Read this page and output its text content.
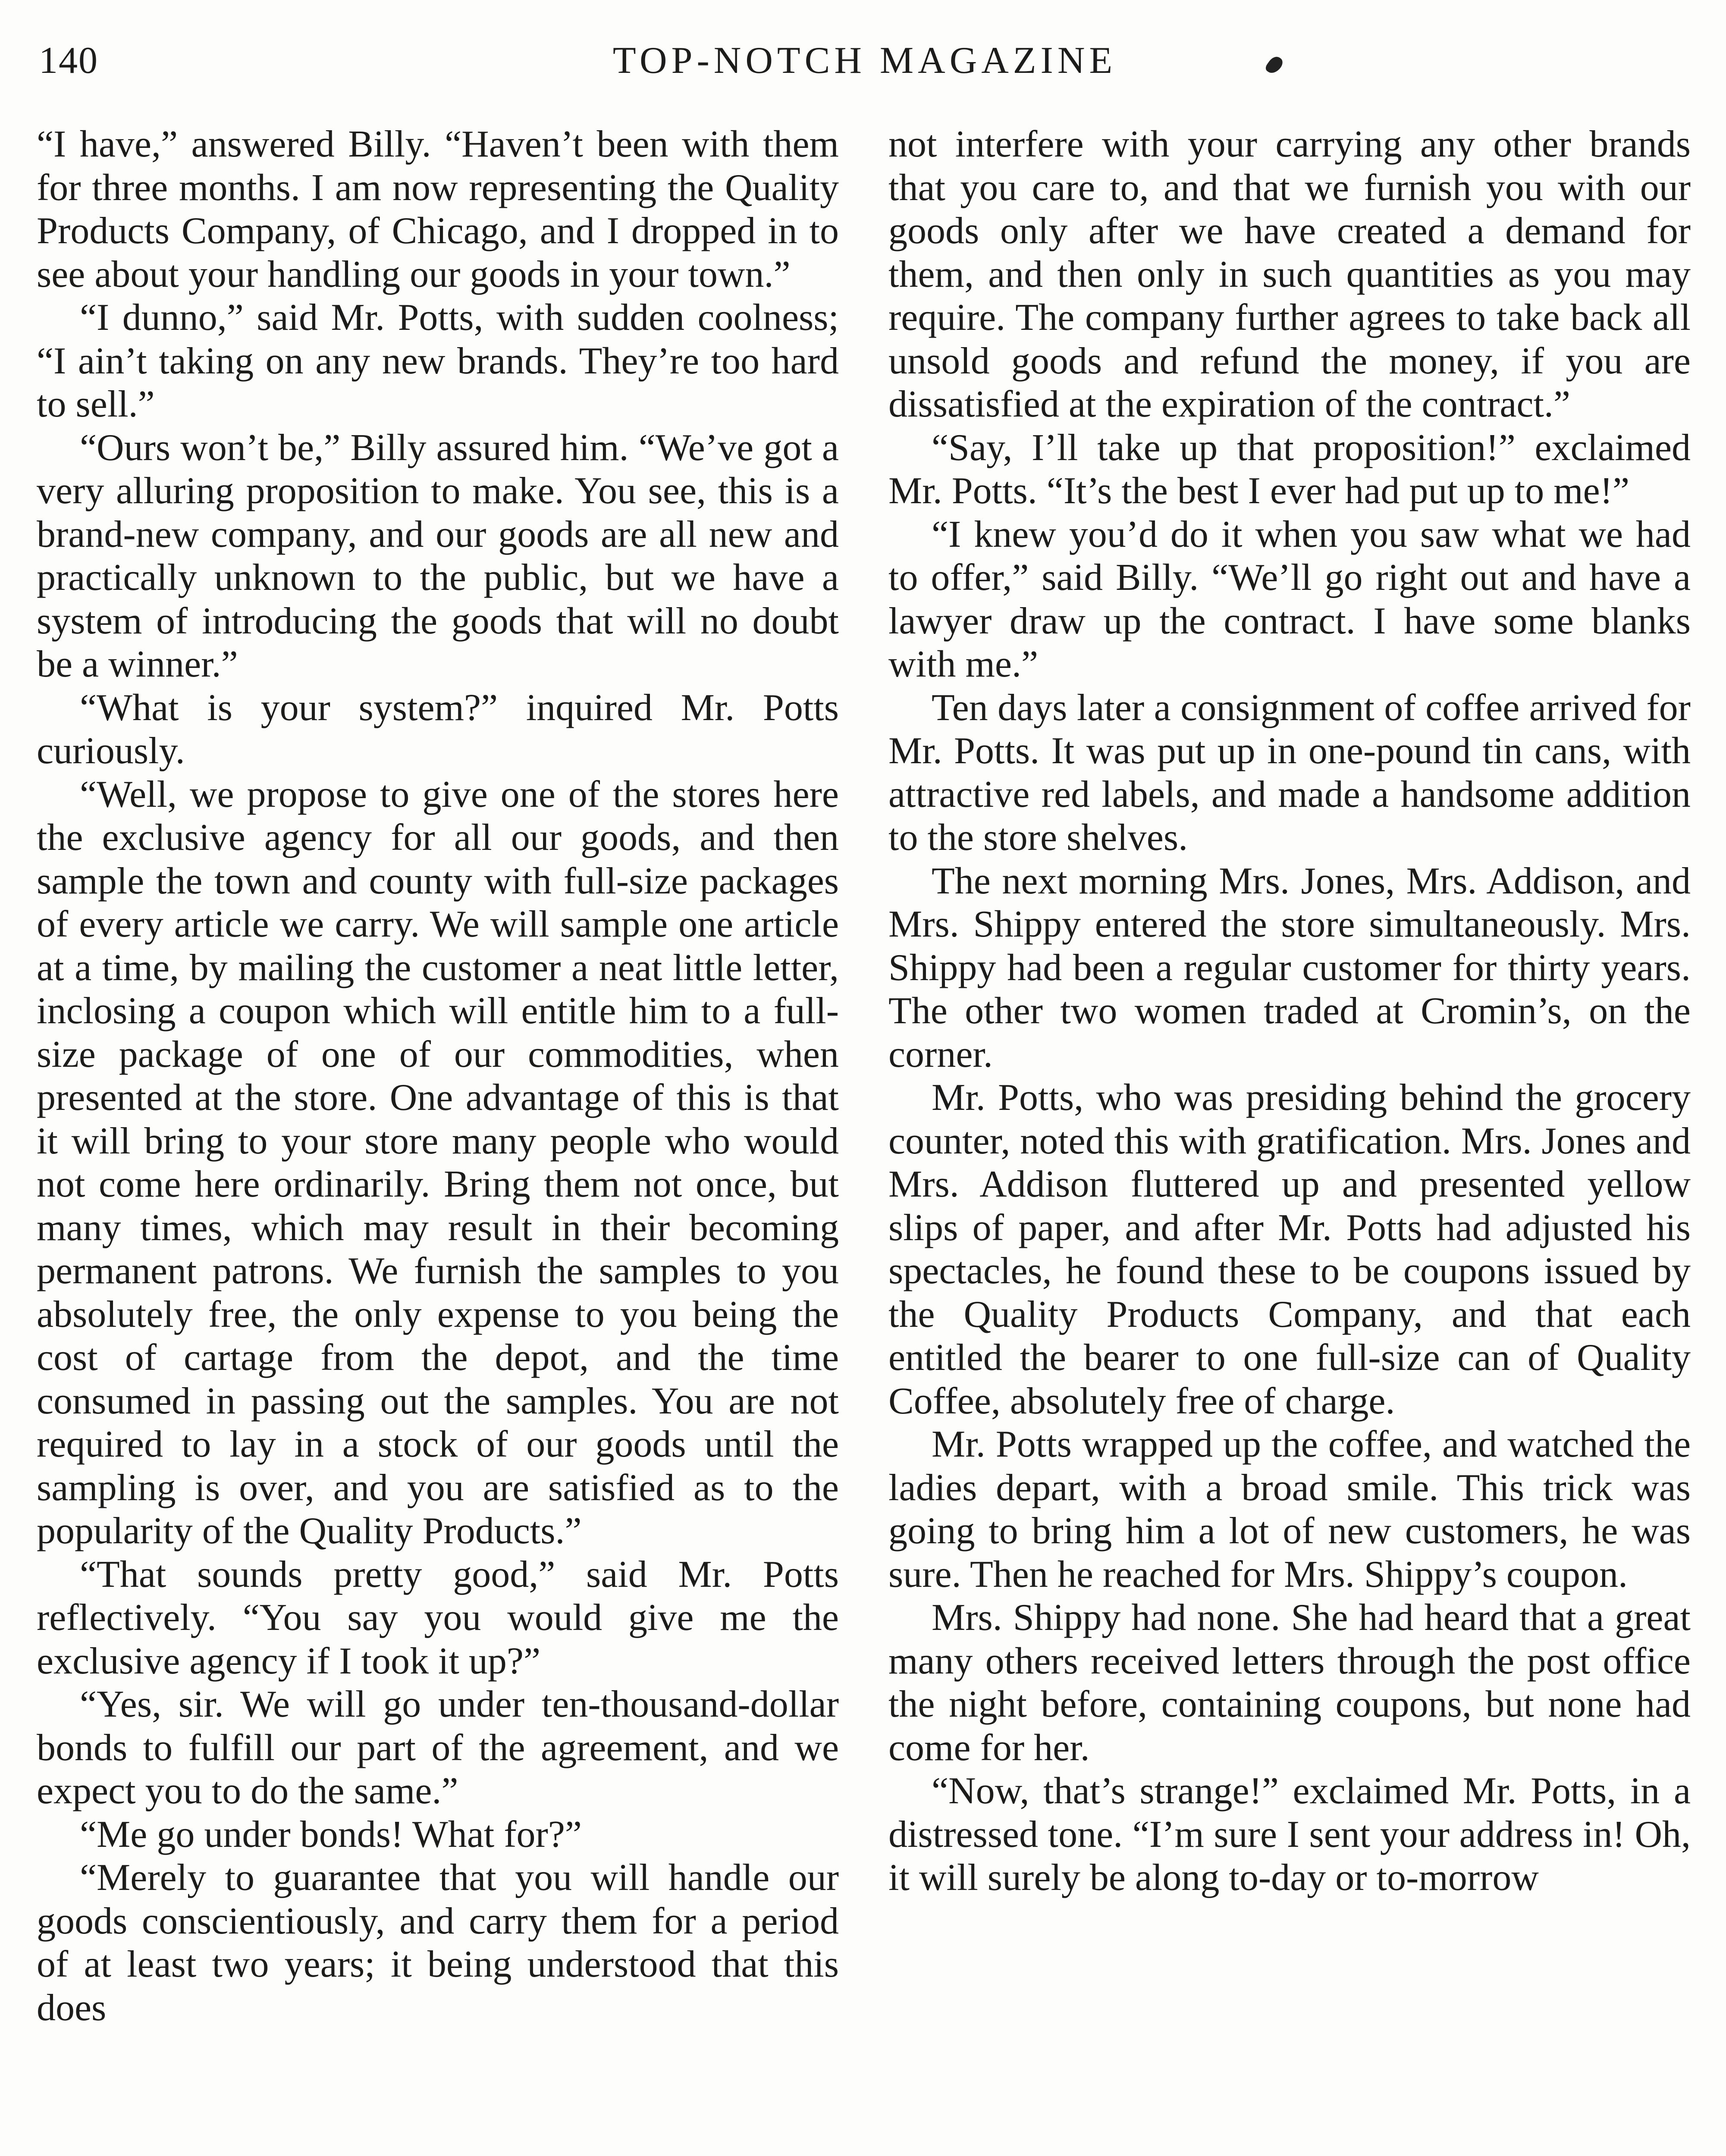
140	TOP-NOTCH MAGAZINE

“I have,” answered Billy. “Haven’t been with them for three months. I am now representing the Quality Products Company, of Chicago, and I dropped in to see about your handling our goods in your town.”

“I dunno,” said Mr. Potts, with sudden coolness; “I ain’t taking on any new brands. They’re too hard to sell.”

“Ours won’t be,” Billy assured him. “We’ve got a very alluring proposition to make. You see, this is a brand-new company, and our goods are all new and practically unknown to the public, but we have a system of introducing the goods that will no doubt be a winner.”

“What is your system?” inquired Mr. Potts curiously.

“Well, we propose to give one of the stores here the exclusive agency for all our goods, and then sample the town and county with full-size packages of every article we carry. We will sample one article at a time, by mailing the customer a neat little letter, inclosing a coupon which will entitle him to a full-size package of one of our commodities, when presented at the store. One advantage of this is that it will bring to your store many people who would not come here ordinarily. Bring them not once, but many times, which may result in their becoming permanent patrons. We furnish the samples to you absolutely free, the only expense to you being the cost of cartage from the depot, and the time consumed in passing out the samples. You are not required to lay in a stock of our goods until the sampling is over, and you are satisfied as to the popularity of the Quality Products.”

“That sounds pretty good,” said Mr. Potts reflectively. “You say you would give me the exclusive agency if I took it up?”

“Yes, sir. We will go under ten-thousand-dollar bonds to fulfill our part of the agreement, and we expect you to do the same.”

“Me go under bonds! What for?”

“Merely to guarantee that you will handle our goods conscientiously, and carry them for a period of at least two years; it being understood that this does

not interfere with your carrying any other brands that you care to, and that we furnish you with our goods only after we have created a demand for them, and then only in such quantities as you may require. The company further agrees to take back all unsold goods and refund the money, if you are dissatisfied at the expiration of the contract.”

“Say, I’ll take up that proposition!” exclaimed Mr. Potts. “It’s the best I ever had put up to me!”

“I knew you’d do it when you saw what we had to offer,” said Billy. “We’ll go right out and have a lawyer draw up the contract. I have some blanks with me.”

Ten days later a consignment of coffee arrived for Mr. Potts. It was put up in one-pound tin cans, with attractive red labels, and made a handsome addition to the store shelves.

The next morning Mrs. Jones, Mrs. Addison, and Mrs. Shippy entered the store simultaneously. Mrs. Shippy had been a regular customer for thirty years. The other two women traded at Cromin’s, on the corner.

Mr. Potts, who was presiding behind the grocery counter, noted this with gratification. Mrs. Jones and Mrs. Addison fluttered up and presented yellow slips of paper, and after Mr. Potts had adjusted his spectacles, he found these to be coupons issued by the Quality Products Company, and that each entitled the bearer to one full-size can of Quality Coffee, absolutely free of charge.

Mr. Potts wrapped up the coffee, and watched the ladies depart, with a broad smile. This trick was going to bring him a lot of new customers, he was sure. Then he reached for Mrs. Shippy’s coupon.

Mrs. Shippy had none. She had heard that a great many others received letters through the post office the night before, containing coupons, but none had come for her.

“Now, that’s strange!” exclaimed Mr. Potts, in a distressed tone. “I’m sure I sent your address in! Oh, it will surely be along to-day or to-morrow
